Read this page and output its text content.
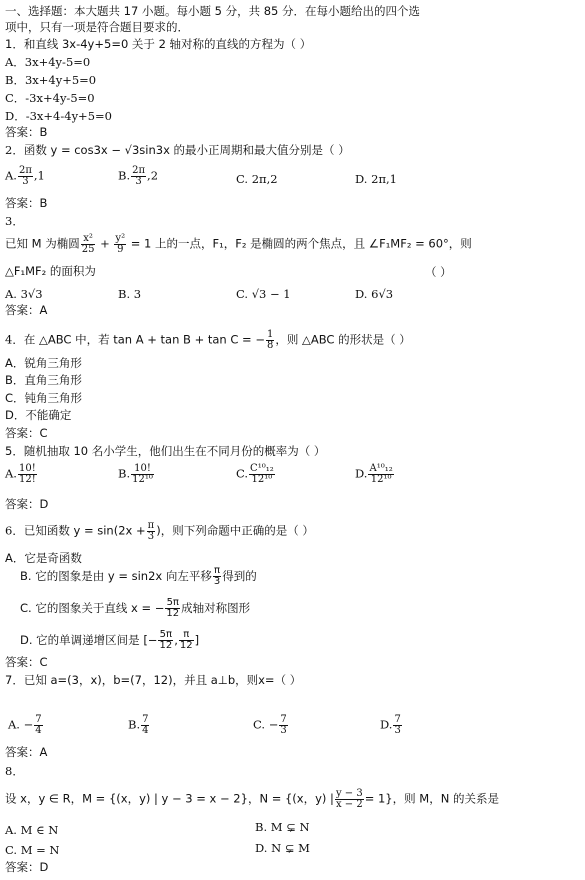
一、选择题：本大题共 17 小题。每小题 5 分，共 85 分．在每小题给出的四个选
项中，只有一项是符合题目要求的．
1．和直线 3x-4y+5=0 关于 2 轴对称的直线的方程为（ ）
A．3x+4y-5=0
B．3x+4y+5=0
C．-3x+4y-5=0
D．-3x+4-4y+5=0
答案：B
2．函数 y = cos3x − √3sin3x 的最小正周期和最大值分别是（ ）
A. $\frac{2\pi}{3} ,1$	B. $\frac{2\pi}{3} ,2$	C. 2π,2	D. 2π,1
答案：B
3．
已知 M 为椭圆 $\frac{\text{x²}}{25} + \frac{\text{y²}}{9} = 1$ 上的一点，F₁，F₂ 是椭圆的两个焦点，且 ∠F₁MF₂ = 60°，则
△F₁MF₂ 的面积为	（ ）
A. 3√3	B. 3	C. √3 − 1	D. 6√3
答案：A
4．在 △ABC 中，若 tan A + tan B + tan C = − $\frac{1}{8}$ ，则 △ABC 的形状是（ ）
A．锐角三角形
B．直角三角形
C．钝角三角形
D．不能确定
答案：C
5．随机抽取 10 名小学生，他们出生在不同月份的概率为（ ）
A. $\frac{10!}{12!}$	B. $\frac{10!}{\text{12¹⁰}}$	C. $\frac{\text{C¹⁰₁₂}}{\text{12¹⁰}}$	D. $\frac{\text{A¹⁰₁₂}}{\text{12¹⁰}}$
答案：D
6．已知函数 $y = \sin(2x + \frac{\pi}{3}$ )，则下列命题中正确的是（ ）
A．它是奇函数
B. 它的图象是由 y = sin2x 向左平移 $\frac{\pi}{3}$ 得到的
C. 它的图象关于直线 x = − $\frac{5\pi}{12}$ 成轴对称图形
D. 它的单调递增区间是 [− $\frac{5\pi}{12}$ , $\frac{\pi}{12}$ ]
答案：C
7．已知 a=(3，x)，b=(7，12)，并且 a⊥b，则x=（ ）
A. − $\frac{7}{4}$	B. $\frac{7}{4}$	C. − $\frac{7}{3}$	D. $\frac{7}{3}$
答案：A
8．
设 x，y ∈ R，M = {(x，y) | y − 3 = x − 2}，N = {(x，y) | $\frac{y - 3}{x - 2} = 1$}，则 M，N 的关系是
A. M ∈ N	B. M ⊊ N
C. M = N	D. N ⊊ M
答案：D
